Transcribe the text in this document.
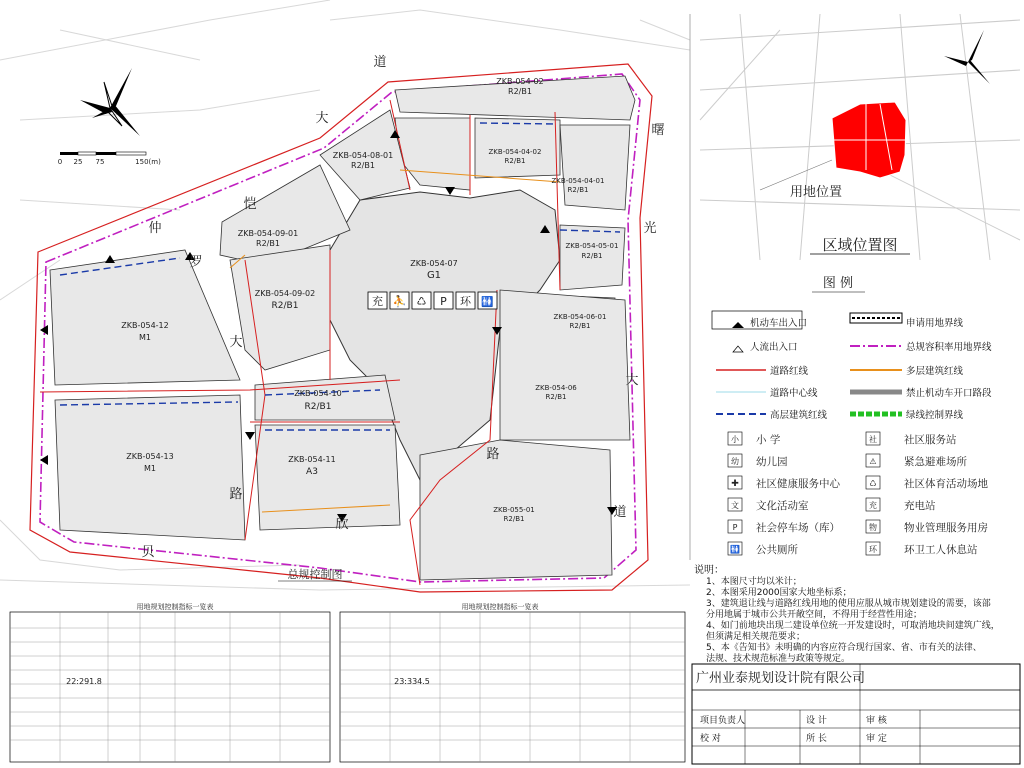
ZKB-054-02
R2/B1
ZKB-054-08-01
R2/B1
ZKB-054-04-02
R2/B1
ZKB-054-04-01
R2/B1
ZKB-054-09-01
R2/B1
ZKB-054-07
G1
ZKB-054-05-01
R2/B1
ZKB-054-12
M1
ZKB-054-09-02
R2/B1
ZKB-054-06-01
R2/B1
ZKB-054-06
R2/B1
ZKB-054-10
R2/B1
ZKB-054-13
M1
ZKB-054-11
A3
ZKB-055-01
R2/B1
充 ⛹ ♺ P 环 🚻
仲
恺
大
道
曙
光
大
道
罗
大
欣
路
路
贝
0 25 75	150(m)
总规控制图
用地位置
区域位置图
图 例
机动车出入口	申请用地界线
人流出入口	总规容积率用地界线
道路红线	多层建筑红线
道路中心线	禁止机动车开口路段
高层建筑红线	绿线控制界线
小 小 学	社	社区服务站
幼 幼儿园	⚠	紧急避难场所
✚ 社区健康服务中心	♺	社区体育活动场地
文 文化活动室	充	充电站
P 社会停车场（库）	物	物业管理服务用房
🚻 公共厕所	环	环卫工人休息站
说明：
1、本图尺寸均以米计；
2、本图采用2000国家大地坐标系；
3、建筑退让线与道路红线用地的使用应服从城市规划建设的需要，该部
分用地属于城市公共开敞空间，不得用于经营性用途；
4、如门前地块出现二建设单位统一开发建设时，可取消地块间建筑广线，
但须满足相关规范要求；
5、本《告知书》未明确的内容应符合现行国家、省、市有关的法律、
法规、技术规范标准与政策等规定。
用地规划控制指标一览表
22:291.8
用地规划控制指标一览表
23:334.5	广州业泰规划设计院有限公司
项目负责人	设 计	审 核
校 对	所 长	审 定
